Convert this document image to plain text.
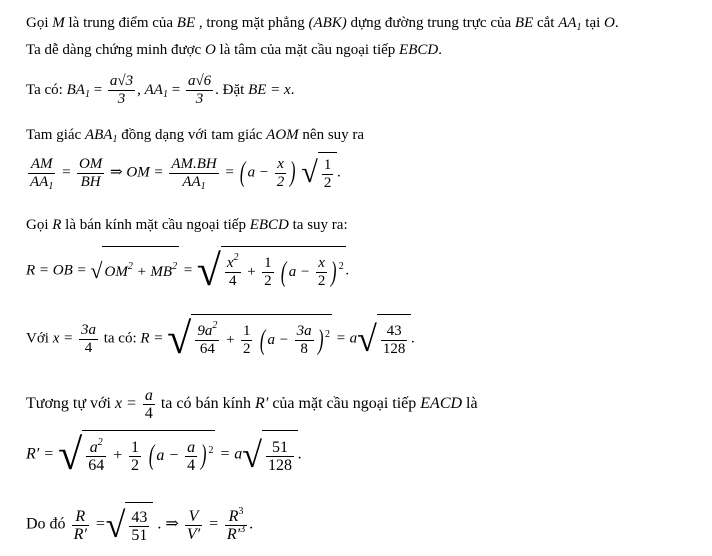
Gọi M là trung điểm của BE , trong mặt phẳng (ABK) dựng đường trung trực của BE cắt $AA_1$ tại O.
Ta dễ dàng chứng minh được O là tâm của mặt cầu ngoại tiếp EBCD.
Ta có: $BA_1 = \frac{a√3}{3}$ , $AA_1 = \frac{a√6}{3}$ . Đặt BE = x.
Tam giác $ABA_1$ đồng dạng với tam giác AOM nên suy ra
$\frac{AM}{AA_1} = \frac{OM}{BH}$ ⇒ OM = $\frac{AM.BH}{AA_1}$ = ( $a - \frac{x}{2}$ ) √ $\frac{1}{2}$ .
Gọi R là bán kính mặt cầu ngoại tiếp EBCD ta suy ra:
R = OB = √ $OM^2 + MB^2$ = √ $\frac{x^2}{4} + \frac{1}{2}$ ( $a - \frac{x}{2}$ ) $^2$ .
Với $x = \frac{3a}{4}$ ta có: R = √ $\frac{9a^2}{64} + \frac{1}{2}$ ( $a - \frac{3a}{8}$ ) $^2 = a√ \frac{43}{128}$ .
Tương tự với $x = \frac{a}{4}$ ta có bán kính R′ của mặt cầu ngoại tiếp EACD là
R′ = √ $\frac{a^2}{64} + \frac{1}{2}$ ( $a - \frac{a}{4}$ ) $^2 = a√ \frac{51}{128}$ .
Do đó $\frac{R}{R'}$ =√ $\frac{43}{51}$ . ⇒ $\frac{V}{V'} = \frac{R^3}{R'^3}$ .
